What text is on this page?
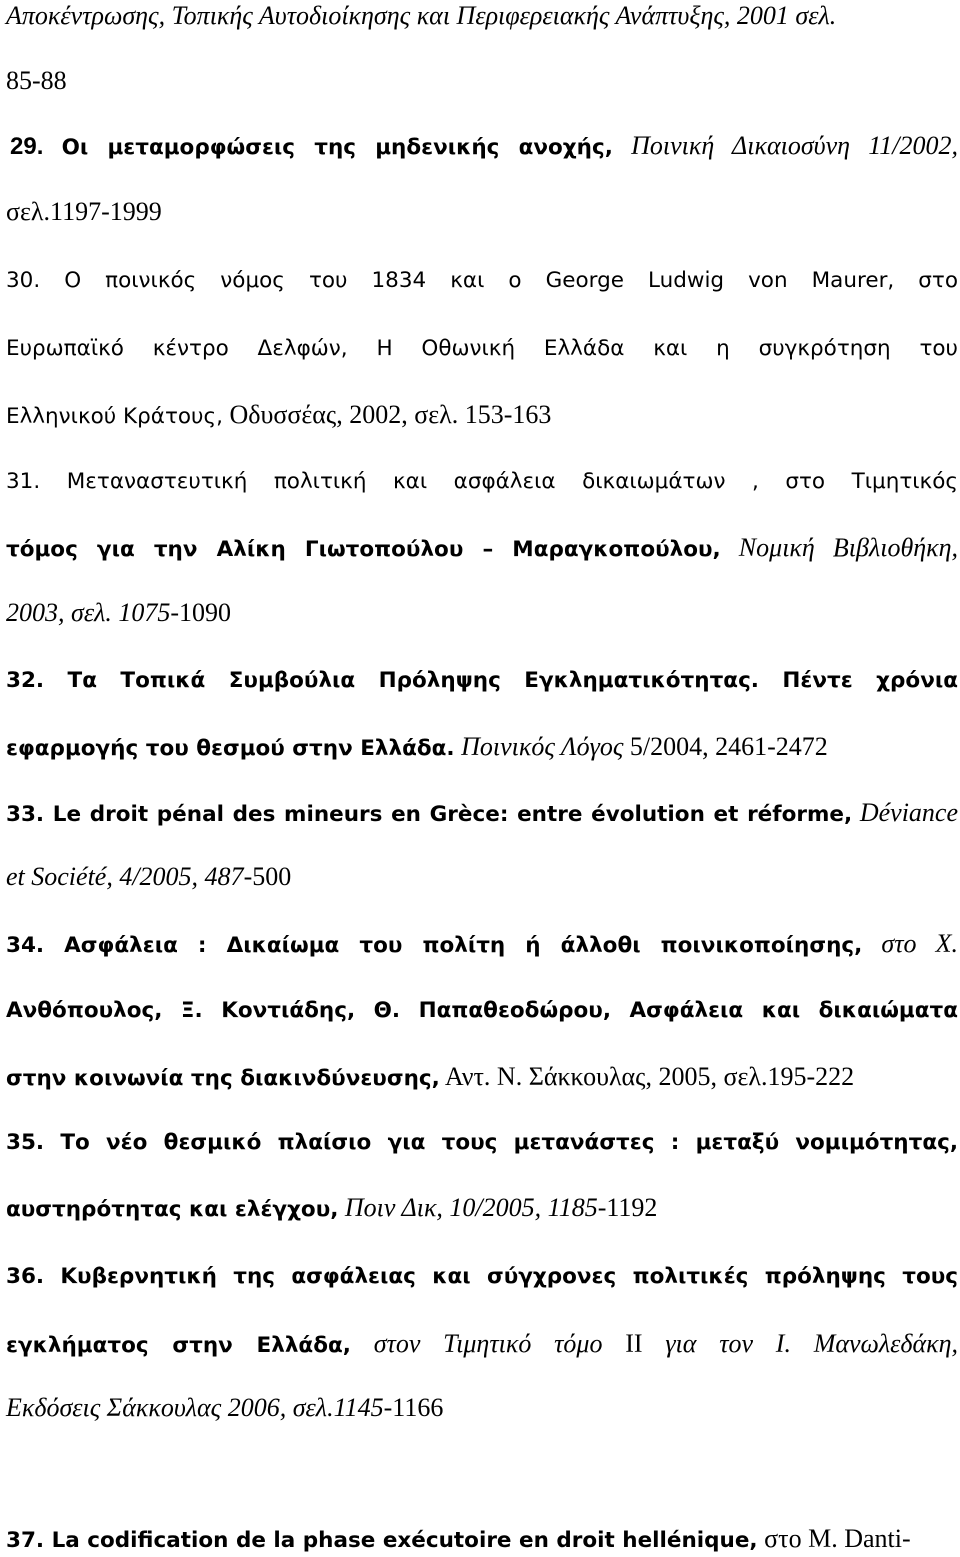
Αποκέντρωσης, Τοπικής Αυτοδιοίκησης και Περιφερειακής Ανάπτυξης, 2001 σελ.
85-88
29. Οι μεταμορφώσεις της μηδενικής ανοχής, Ποινική Δικαιοσύνη 11/2002,
σελ.1197-1999
30. Ο ποινικός νόμος του 1834 και ο George Ludwig von Maurer, στο
Ευρωπαϊκό κέντρο Δελφών, Η Οθωνική Ελλάδα και η συγκρότηση του
Ελληνικού Κράτους, Οδυσσέας, 2002, σελ. 153-163
31. Μεταναστευτική πολιτική και ασφάλεια δικαιωμάτων , στο Τιμητικός
τόμος για την Αλίκη Γιωτοπούλου – Μαραγκοπούλου, Νομική Βιβλιοθήκη,
2003, σελ. 1075-1090
32. Τα Τοπικά Συμβούλια Πρόληψης Εγκληματικότητας. Πέντε χρόνια
εφαρμογής του θεσμού στην Ελλάδα. Ποινικός Λόγος 5/2004, 2461-2472
33. Le droit pénal des mineurs en Grèce: entre évolution et réforme, Déviance
et Société, 4/2005, 487-500
34. Ασφάλεια : Δικαίωμα του πολίτη ή άλλοθι ποινικοποίησης, στο Χ.
Ανθόπουλος, Ξ. Κοντιάδης, Θ. Παπαθεοδώρου, Ασφάλεια και δικαιώματα
στην κοινωνία της διακινδύνευσης, Αντ. Ν. Σάκκουλας, 2005, σελ.195-222
35. Το νέο θεσμικό πλαίσιο για τους μετανάστες : μεταξύ νομιμότητας,
αυστηρότητας και ελέγχου, Ποιν Δικ, 10/2005, 1185-1192
36. Κυβερνητική της ασφάλειας και σύγχρονες πολιτικές πρόληψης τους
εγκλήματος στην Ελλάδα, στον Τιμητικό τόμο ΙΙ για τον Ι. Μανωλεδάκη,
Εκδόσεις Σάκκουλας 2006, σελ.1145-1166
37. La codification de la phase exécutoire en droit hellénique, στο Μ. Danti-
